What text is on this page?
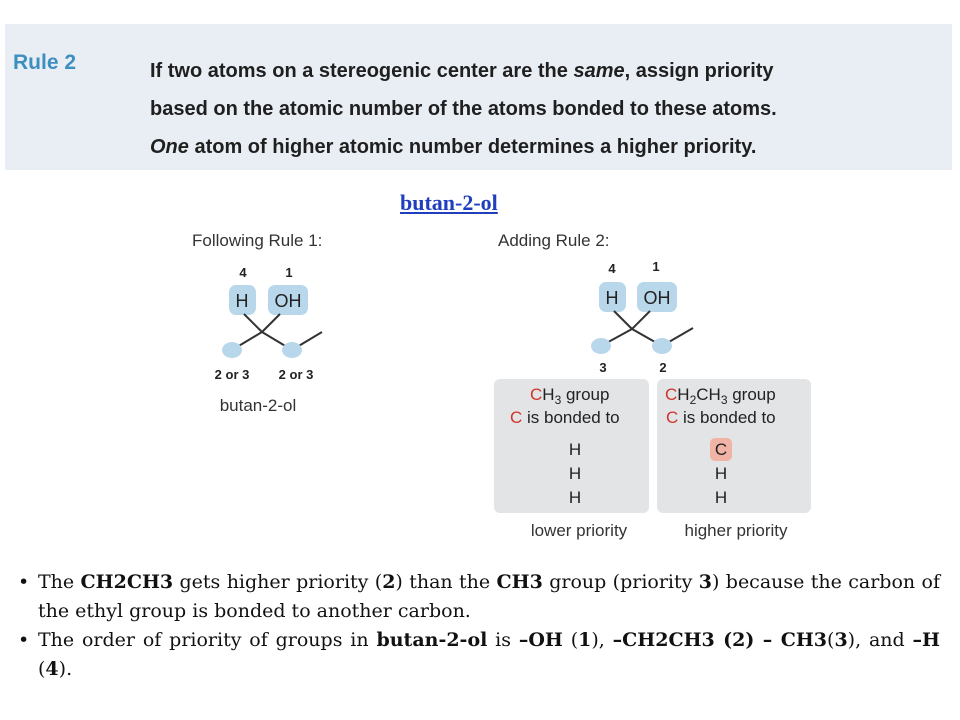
Rule 2	If two atoms on a stereogenic center are the same, assign priority
based on the atomic number of the atoms bonded to these atoms.
One atom of higher atomic number determines a higher priority.
butan-2-ol
Following Rule 1:
4	1
H OH
2 or 3 2 or 3
butan-2-ol
Adding Rule 2:
4	1
H OH
3	2
$CH_3$ group
C is bonded to
H
H
H
lower priority
$CH_2CH_3$ group
C is bonded to
C
H
H
higher priority
• The CH2CH3 gets higher priority (2) than the CH3 group (priority 3) because the carbon of the ethyl group is bonded to another carbon.
• The order of priority of groups in butan-2-ol is –OH (1), –CH2CH3 (2) – CH3(3), and –H (4).
